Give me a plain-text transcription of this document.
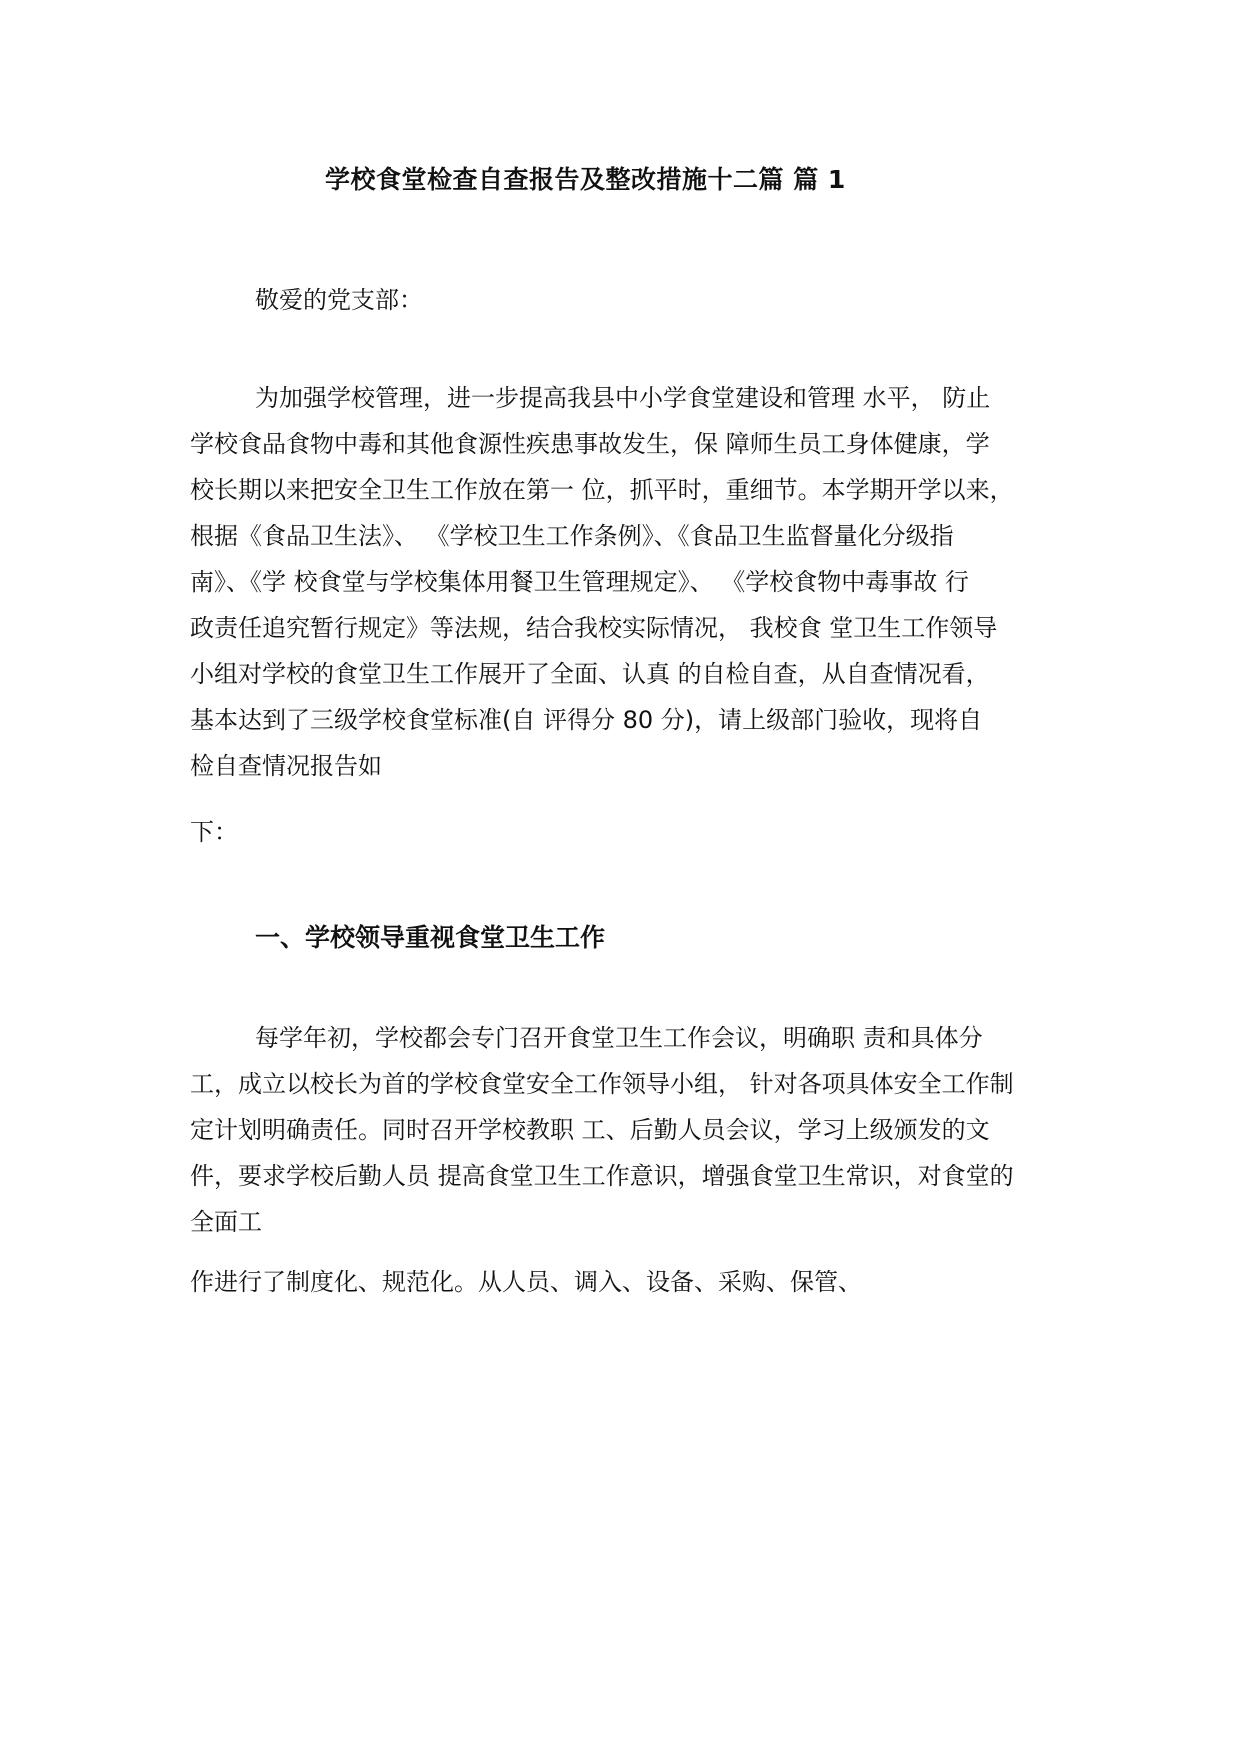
学校食堂检查自查报告及整改措施十二篇 篇 1
敬爱的党支部：
为加强学校管理，进一步提高我县中小学食堂建设和管理 水平， 防止
学校食品食物中毒和其他食源性疾患事故发生，保 障师生员工身体健康，学
校长期以来把安全卫生工作放在第一 位，抓平时，重细节。本学期开学以来，
根据《食品卫生法》、 《学校卫生工作条例》、《食品卫生监督量化分级指
南》、《学 校食堂与学校集体用餐卫生管理规定》、 《学校食物中毒事故 行
政责任追究暂行规定》等法规，结合我校实际情况， 我校食 堂卫生工作领导
小组对学校的食堂卫生工作展开了全面、认真 的自检自查，从自查情况看，
基本达到了三级学校食堂标准(自 评得分 80 分)，请上级部门验收，现将自
检自查情况报告如
下：
一、学校领导重视食堂卫生工作
每学年初，学校都会专门召开食堂卫生工作会议，明确职 责和具体分
工，成立以校长为首的学校食堂安全工作领导小组， 针对各项具体安全工作制
定计划明确责任。同时召开学校教职 工、后勤人员会议，学习上级颁发的文
件，要求学校后勤人员 提高食堂卫生工作意识，增强食堂卫生常识，对食堂的
全面工
作进行了制度化、规范化。从人员、调入、设备、采购、保管、
